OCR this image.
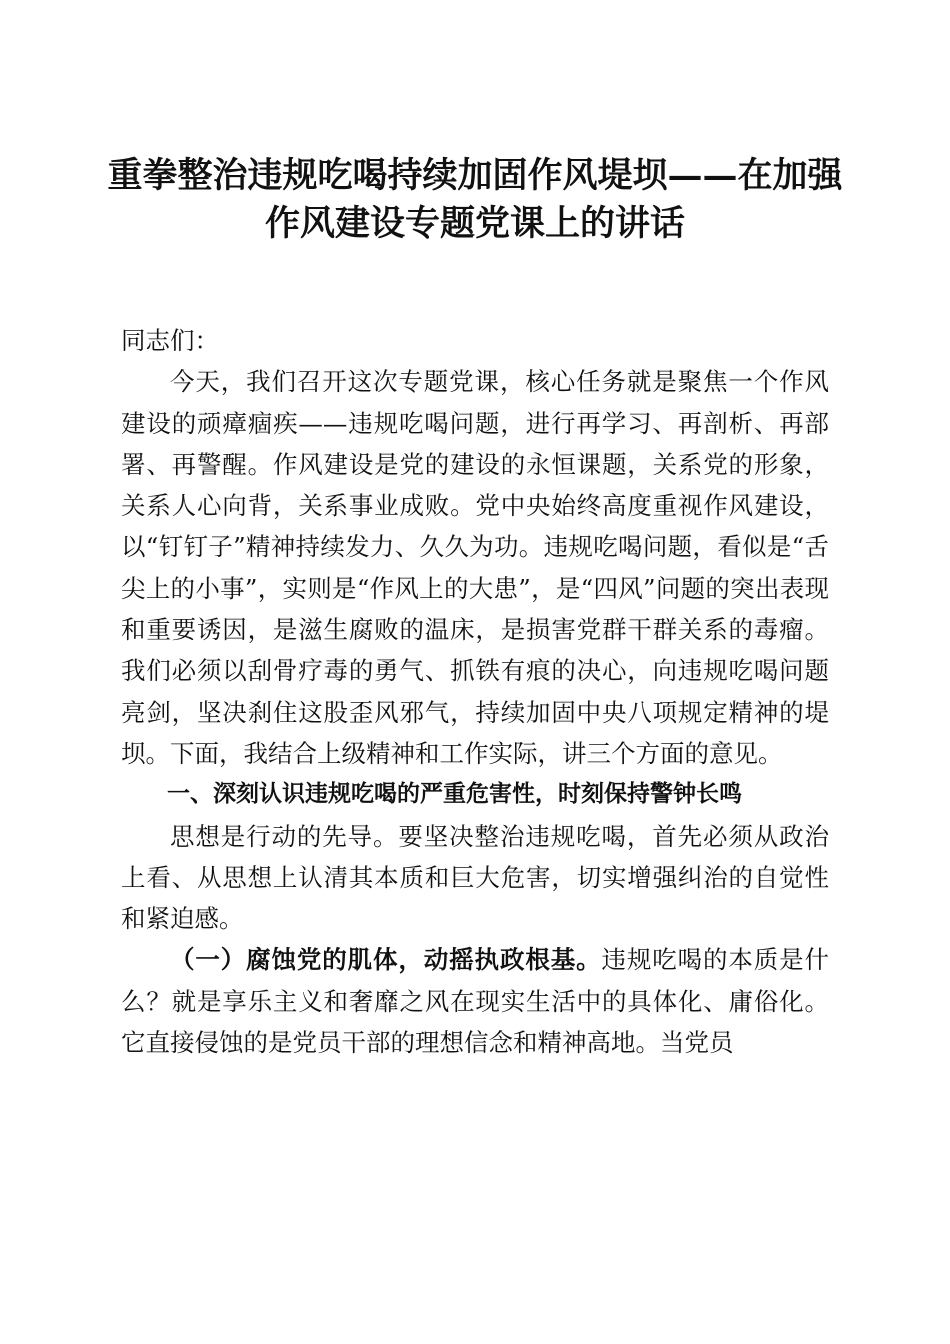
重拳整治违规吃喝持续加固作风堤坝——在加强作风建设专题党课上的讲话

同志们：

今天，我们召开这次专题党课，核心任务就是聚焦一个作风建设的顽瘴痼疾——违规吃喝问题，进行再学习、再剖析、再部署、再警醒。作风建设是党的建设的永恒课题，关系党的形象，关系人心向背，关系事业成败。党中央始终高度重视作风建设，以“钉钉子”精神持续发力、久久为功。违规吃喝问题，看似是“舌尖上的小事”，实则是“作风上的大患”，是“四风”问题的突出表现和重要诱因，是滋生腐败的温床，是损害党群干群关系的毒瘤。我们必须以刮骨疗毒的勇气、抓铁有痕的决心，向违规吃喝问题亮剑，坚决刹住这股歪风邪气，持续加固中央八项规定精神的堤坝。下面，我结合上级精神和工作实际，讲三个方面的意见。

一、深刻认识违规吃喝的严重危害性，时刻保持警钟长鸣

思想是行动的先导。要坚决整治违规吃喝，首先必须从政治上看、从思想上认清其本质和巨大危害，切实增强纠治的自觉性和紧迫感。

（一）腐蚀党的肌体，动摇执政根基。违规吃喝的本质是什么？就是享乐主义和奢靡之风在现实生活中的具体化、庸俗化。它直接侵蚀的是党员干部的理想信念和精神高地。当党员
